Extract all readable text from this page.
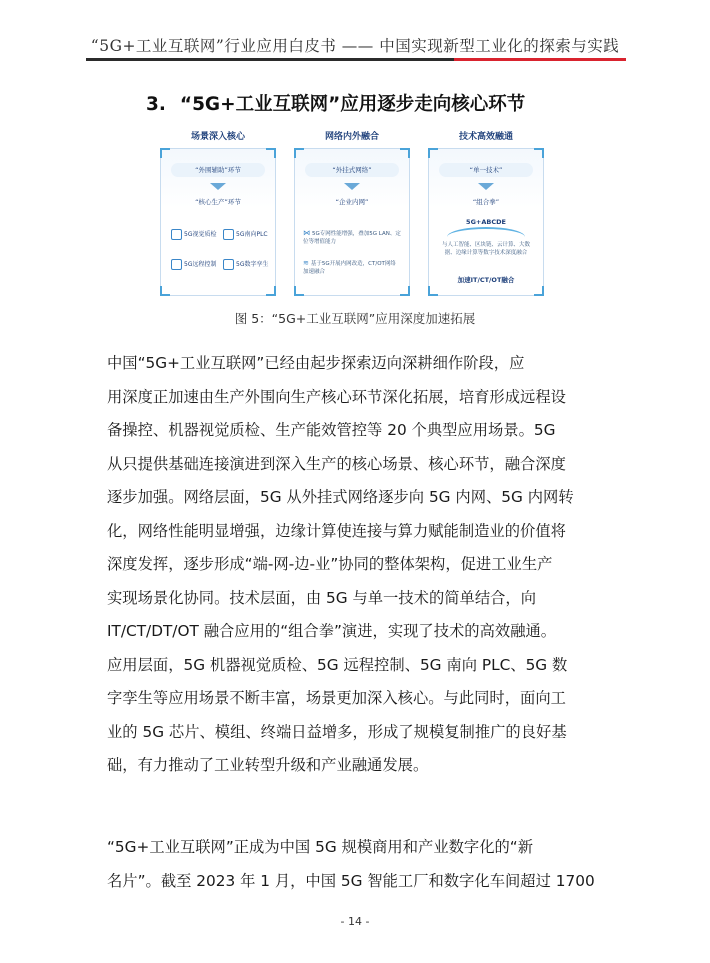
“5G+工业互联网”行业应用白皮书 —— 中国实现新型工业化的探索与实践
3. “5G+工业互联网”应用逐步走向核心环节
场景深入核心
“外围辅助”环节
“核心生产”环节
5G视觉质检	5G南向PLC
5G远程控制	5G数字孪生
网络内外融合
“外挂式网络”
“企业内网”
⋈ 5G专网性能增强，叠加5G LAN、定位等增值能力
≋ 基于5G开展内网改造，CT/OT网络加速融合
技术高效融通
“单一技术”
“组合拳”
5G+ABCDE
与人工智能、区块链、云计算、大数据、边缘计算等数字技术深度融合
加速IT/CT/OT融合
图 5：“5G+工业互联网”应用深度加速拓展
中国“5G+工业互联网”已经由起步探索迈向深耕细作阶段，应
用深度正加速由生产外围向生产核心环节深化拓展，培育形成远程设
备操控、机器视觉质检、生产能效管控等 20 个典型应用场景。5G
从只提供基础连接演进到深入生产的核心场景、核心环节，融合深度
逐步加强。网络层面，5G 从外挂式网络逐步向 5G 内网、5G 内网转
化，网络性能明显增强，边缘计算使连接与算力赋能制造业的价值将
深度发挥，逐步形成“端-网-边-业”协同的整体架构，促进工业生产
实现场景化协同。技术层面，由 5G 与单一技术的简单结合，向
IT/CT/DT/OT 融合应用的“组合拳”演进，实现了技术的高效融通。
应用层面，5G 机器视觉质检、5G 远程控制、5G 南向 PLC、5G 数
字孪生等应用场景不断丰富，场景更加深入核心。与此同时，面向工
业的 5G 芯片、模组、终端日益增多，形成了规模复制推广的良好基
础，有力推动了工业转型升级和产业融通发展。
“5G+工业互联网”正成为中国 5G 规模商用和产业数字化的“新
名片”。截至 2023 年 1 月，中国 5G 智能工厂和数字化车间超过 1700
- 14 -
